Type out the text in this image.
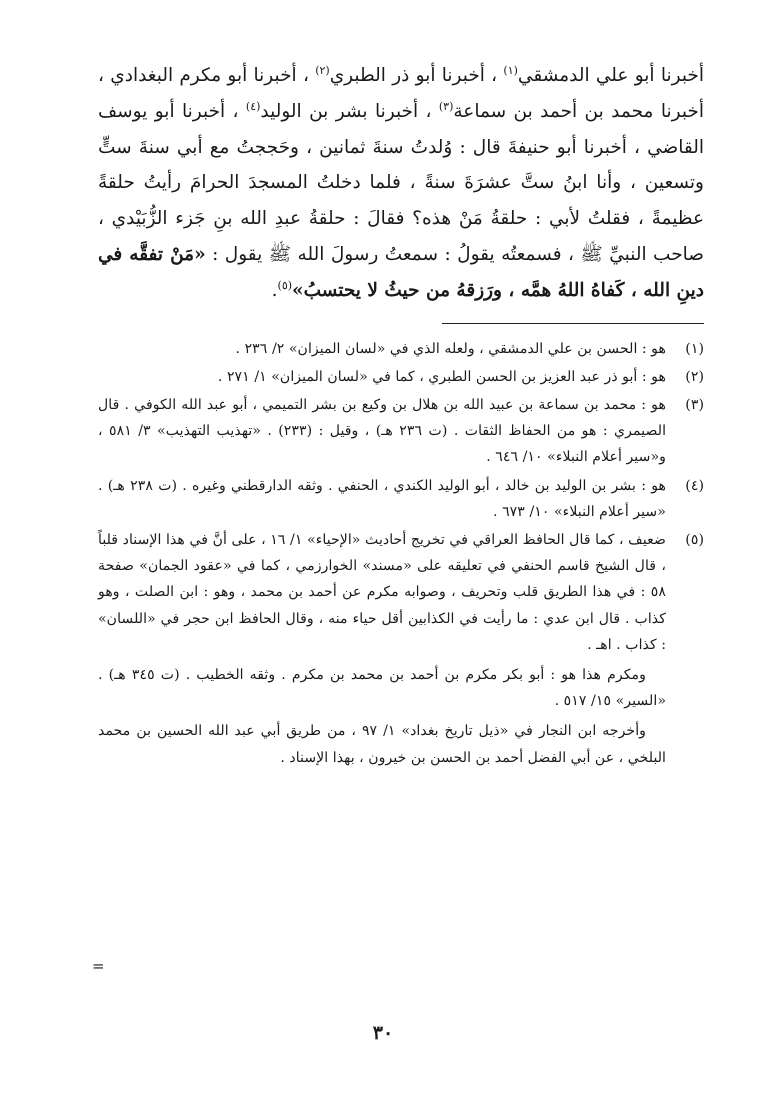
أخبرنا أبو علي الدمشقي$^{(١)}$ ، أخبرنا أبو ذر الطبري$^{(٢)}$ ، أخبرنا أبو مكرم البغدادي ، أخبرنا محمد بن أحمد بن سماعة$^{(٣)}$ ، أخبرنا بشر بن الوليد$^{(٤)}$ ، أخبرنا أبو يوسف القاضي ، أخبرنا أبو حنيفةَ قال : وُلدتُ سنةَ ثمانين ، وحَججتُ مع أبي سنةَ ستٍّ وتسعين ، وأنا ابنُ ستَّ عشرَةَ سنةً ، فلما دخلتُ المسجدَ الحرامَ رأيتُ حلقةً عظيمةً ، فقلتُ لأبي : حلقةُ مَنْ هذه؟ فقالَ : حلقةُ عبدِ الله بنِ جَزء الزُّبَيْدي ، صاحب النبيِّ ﷺ ، فسمعتُه يقولُ : سمعتُ رسولَ الله ﷺ يقول : «مَنْ تفقَّه في دينِ الله ، كَفاهُ اللهُ همَّه ، ورَزقهُ من حيثُ لا يحتسبُ»$^{(٥)}$.

(١)

هو : الحسن بن علي الدمشقي ، ولعله الذي في «لسان الميزان» ٢/ ٢٣٦ .

(٢)

هو : أبو ذر عبد العزيز بن الحسن الطبري ، كما في «لسان الميزان» ١/ ٢٧١ .

(٣)

هو : محمد بن سماعة بن عبيد الله بن هلال بن وكيع بن بشر التميمي ، أبو عبد الله الكوفي . قال الصيمري : هو من الحفاظ الثقات . (ت ٢٣٦ هـ) ، وقيل : (٢٣٣) . «تهذيب التهذيب» ٣/ ٥٨١ ، و«سير أعلام النبلاء» ١٠/ ٦٤٦ .

(٤)

هو : بشر بن الوليد بن خالد ، أبو الوليد الكندي ، الحنفي . وثقه الدارقطني وغيره . (ت ٢٣٨ هـ) . «سير أعلام النبلاء» ١٠/ ٦٧٣ .

(٥)

ضعيف ، كما قال الحافظ العراقي في تخريج أحاديث «الإحياء» ١/ ١٦ ، على أنَّ في هذا الإسناد قلباً ، قال الشيخ قاسم الحنفي في تعليقه على «مسند» الخوارزمي ، كما في «عقود الجمان» صفحة ٥٨ : في هذا الطريق قلب وتحريف ، وصوابه مكرم عن أحمد بن محمد ، وهو : ابن الصلت ، وهو كذاب . قال ابن عدي : ما رأيت في الكذابين أقل حياء منه ، وقال الحافظ ابن حجر في «اللسان» : كذاب . اهـ .

ومكرم هذا هو : أبو بكر مكرم بن أحمد بن محمد بن مكرم . وثقه الخطيب . (ت ٣٤٥ هـ) . «السير» ١٥/ ٥١٧ .

وأخرجه ابن النجار في «ذيل تاريخ بغداد» ١/ ٩٧ ، من طريق أبي عبد الله الحسين بن محمد البلخي ، عن أبي الفضل أحمد بن الحسن بن خيرون ، بهذا الإسناد .

=
٣٠
